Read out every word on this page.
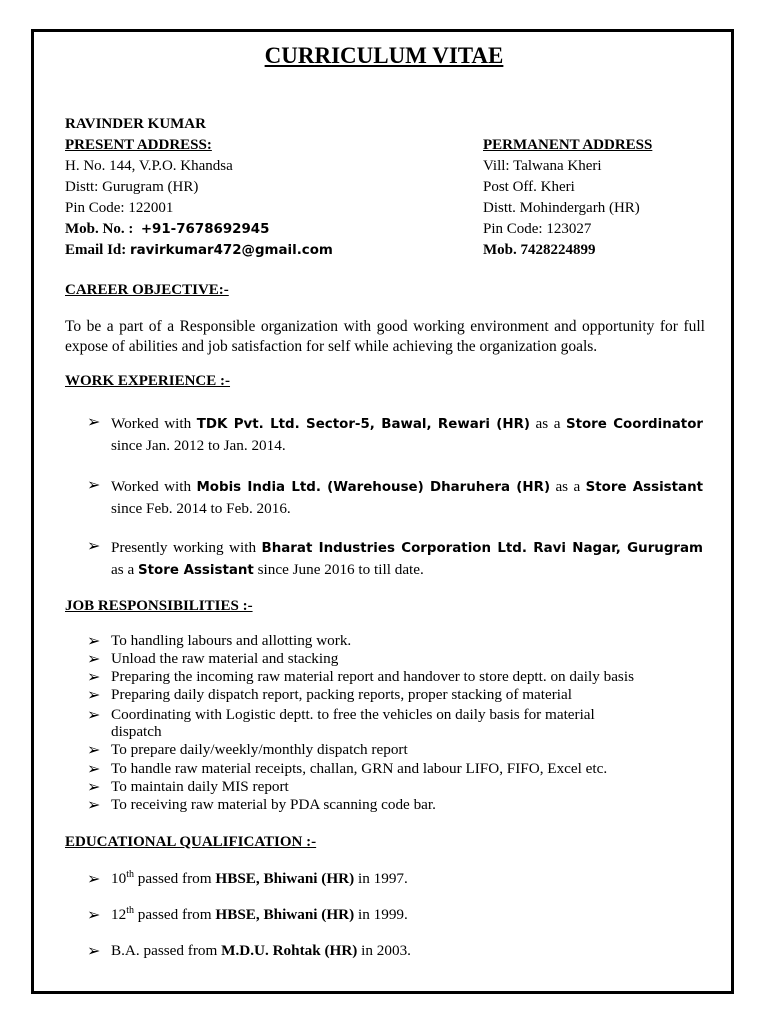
CURRICULUM VITAE
RAVINDER KUMAR
PRESENT ADDRESS:
H. No. 144, V.P.O. Khandsa
Distt: Gurugram (HR)
Pin Code: 122001
Mob. No. : +91-7678692945
Email Id: ravirkumar472@gmail.com
PERMANENT ADDRESS
Vill: Talwana Kheri
Post Off. Kheri
Distt. Mohindergarh (HR)
Pin Code: 123027
Mob. 7428224899
CAREER OBJECTIVE:-
To be a part of a Responsible organization with good working environment and opportunity for full expose of abilities and job satisfaction for self while achieving the organization goals.
WORK EXPERIENCE :-
➢ Worked with TDK Pvt. Ltd. Sector-5, Bawal, Rewari (HR) as a Store Coordinator since Jan. 2012 to Jan. 2014.
➢ Worked with Mobis India Ltd. (Warehouse) Dharuhera (HR) as a Store Assistant since Feb. 2014 to Feb. 2016.
➢ Presently working with Bharat Industries Corporation Ltd. Ravi Nagar, Gurugram as a Store Assistant since June 2016 to till date.
JOB RESPONSIBILITIES :-
➢ To handling labours and allotting work.
➢ Unload the raw material and stacking
➢ Preparing the incoming raw material report and handover to store deptt. on daily basis
➢ Preparing daily dispatch report, packing reports, proper stacking of material
➢ Coordinating with Logistic deptt. to free the vehicles on daily basis for material
dispatch
➢ To prepare daily/weekly/monthly dispatch report
➢ To handle raw material receipts, challan, GRN and labour LIFO, FIFO, Excel etc.
➢ To maintain daily MIS report
➢ To receiving raw material by PDA scanning code bar.
EDUCATIONAL QUALIFICATION :-
➢ 10th passed from HBSE, Bhiwani (HR) in 1997.
➢ 12th passed from HBSE, Bhiwani (HR) in 1999.
➢ B.A. passed from M.D.U. Rohtak (HR) in 2003.
